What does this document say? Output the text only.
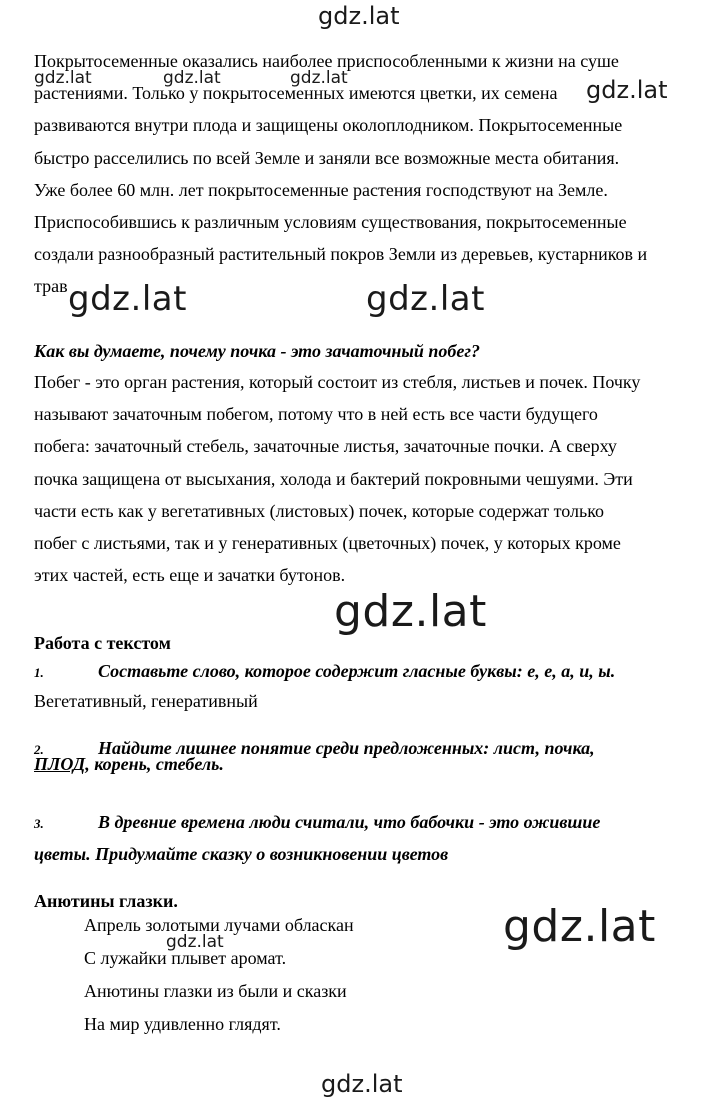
gdz.lat
gdz.lat	gdz.lat	gdz.lat	gdz.lat
gdz.lat	gdz.lat
gdz.lat
gdz.lat
gdz.lat
gdz.lat

Покрытосеменные оказались наиболее приспособленными к жизни на суше

растениями. Только у покрытосеменных имеются цветки, их семена

развиваются внутри плода и защищены околоплодником. Покрытосеменные

быстро расселились по всей Земле и заняли все возможные места обитания.

Уже более 60 млн. лет покрытосеменные растения господствуют на Земле.

Приспособившись к различным условиям существования, покрытосеменные

создали разнообразный растительный покров Земли из деревьев, кустарников и

трав

Как вы думаете, почему почка - это зачаточный побег?

Побег - это орган растения, который состоит из стебля, листьев и почек. Почку

называют зачаточным побегом, потому что в ней есть все части будущего

побега: зачаточный стебель, зачаточные листья, зачаточные почки. А сверху

почка защищена от высыхания, холода и бактерий покровными чешуями. Эти

части есть как у вегетативных (листовых) почек, которые содержат только

побег с листьями, так и у генеративных (цветочных) почек, у которых кроме

этих частей, есть еще и зачатки бутонов.

Работа с текстом
1.	Составьте слово, которое содержит гласные буквы: е, е, а, и, ы.
Вегетативный, генеративный
2.	Найдите лишнее понятие среди предложенных: лист, почка,
ПЛОД, корень, стебель.
3.	В древние времена люди считали, что бабочки - это ожившие
цветы. Придумайте сказку о возникновении цветов
Анютины глазки.
Апрель золотыми лучами обласкан
С лужайки плывет аромат.
Анютины глазки из были и сказки
На мир удивленно глядят.
